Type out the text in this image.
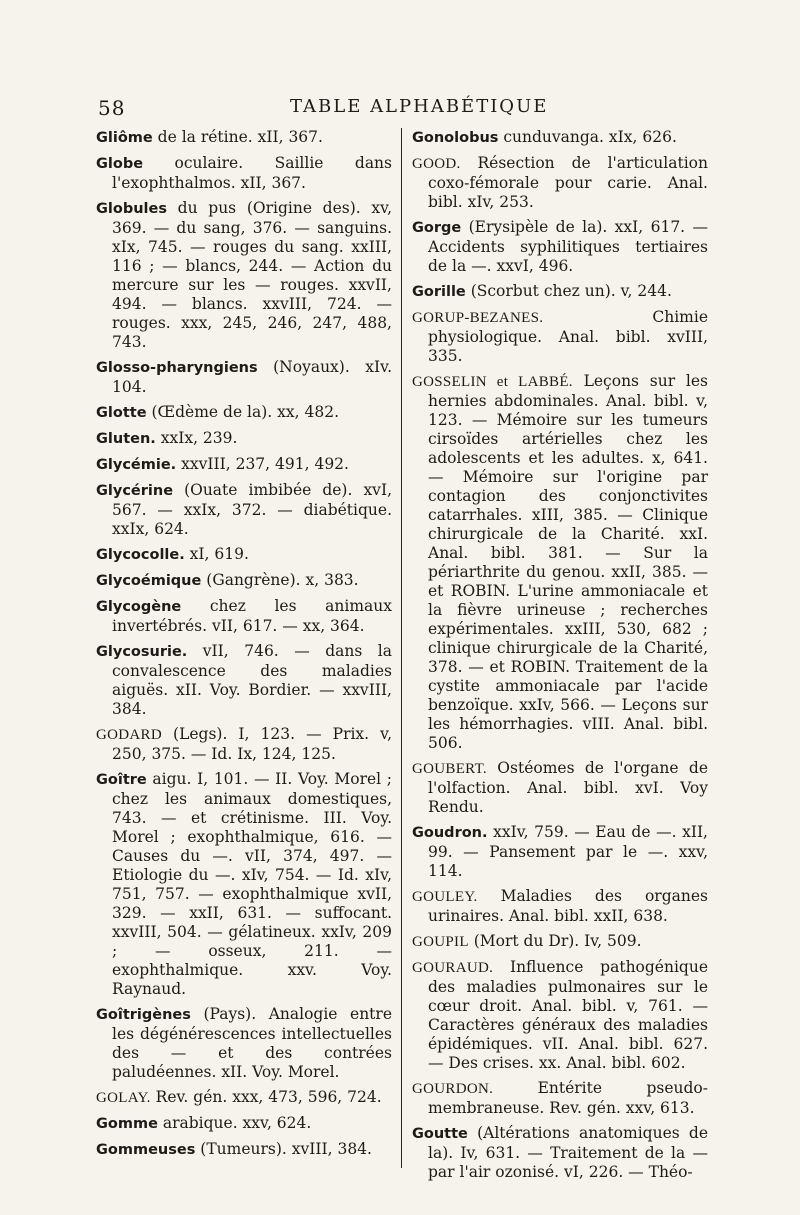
58	TABLE ALPHABÉTIQUE

Gliôme de la rétine. xII, 367.

Globe oculaire. Saillie dans l'exophthalmos. xII, 367.

Globules du pus (Origine des). xv, 369. — du sang, 376. — sanguins. xIx, 745. — rouges du sang. xxIII, 116 ; — blancs, 244. — Action du mercure sur les — rouges. xxvII, 494. — blancs. xxvIII, 724. — rouges. xxx, 245, 246, 247, 488, 743.

Glosso-pharyngiens (Noyaux). xIv. 104.

Glotte (Œdème de la). xx, 482.

Gluten. xxIx, 239.

Glycémie. xxvIII, 237, 491, 492.

Glycérine (Ouate imbibée de). xvI, 567. — xxIx, 372. — diabétique. xxIx, 624.

Glycocolle. xI, 619.

Glycoémique (Gangrène). x, 383.

Glycogène chez les animaux invertébrés. vII, 617. — xx, 364.

Glycosurie. vII, 746. — dans la convalescence des maladies aiguës. xII. Voy. Bordier. — xxvIII, 384.

GODARD (Legs). I, 123. — Prix. v, 250, 375. — Id. Ix, 124, 125.

Goître aigu. I, 101. — II. Voy. Morel ; chez les animaux domestiques, 743. — et crétinisme. III. Voy. Morel ; exophthalmique, 616. — Causes du —. vII, 374, 497. — Etiologie du —. xIv, 754. — Id. xIv, 751, 757. — exophthalmique xvII, 329. — xxII, 631. — suffocant. xxvIII, 504. — gélatineux. xxIv, 209 ; — osseux, 211. — exophthalmique. xxv. Voy. Raynaud.

Goîtrigènes (Pays). Analogie entre les dégénérescences intellectuelles des — et des contrées paludéennes. xII. Voy. Morel.

GOLAY. Rev. gén. xxx, 473, 596, 724.

Gomme arabique. xxv, 624.

Gommeuses (Tumeurs). xvIII, 384.

Gonolobus cunduvanga. xIx, 626.

GOOD. Résection de l'articulation coxo-fémorale pour carie. Anal. bibl. xIv, 253.

Gorge (Erysipèle de la). xxI, 617. — Accidents syphilitiques tertiaires de la —. xxvI, 496.

Gorille (Scorbut chez un). v, 244.

GORUP-BEZANES. Chimie physiologique. Anal. bibl. xvIII, 335.

GOSSELIN et LABBÉ. Leçons sur les hernies abdominales. Anal. bibl. v, 123. — Mémoire sur les tumeurs cirsoïdes artérielles chez les adolescents et les adultes. x, 641. — Mémoire sur l'origine par contagion des conjonctivites catarrhales. xIII, 385. — Clinique chirurgicale de la Charité. xxI. Anal. bibl. 381. — Sur la périarthrite du genou. xxII, 385. — et ROBIN. L'urine ammoniacale et la fièvre urineuse ; recherches expérimentales. xxIII, 530, 682 ; clinique chirurgicale de la Charité, 378. — et ROBIN. Traitement de la cystite ammoniacale par l'acide benzoïque. xxIv, 566. — Leçons sur les hémorrhagies. vIII. Anal. bibl. 506.

GOUBERT. Ostéomes de l'organe de l'olfaction. Anal. bibl. xvI. Voy Rendu.

Goudron. xxIv, 759. — Eau de —. xII, 99. — Pansement par le —. xxv, 114.

GOULEY. Maladies des organes urinaires. Anal. bibl. xxII, 638.

GOUPIL (Mort du Dr). Iv, 509.

GOURAUD. Influence pathogénique des maladies pulmonaires sur le cœur droit. Anal. bibl. v, 761. — Caractères généraux des maladies épidémiques. vII. Anal. bibl. 627. — Des crises. xx. Anal. bibl. 602.

GOURDON. Entérite pseudo-membraneuse. Rev. gén. xxv, 613.

Goutte (Altérations anatomiques de la). Iv, 631. — Traitement de la — par l'air ozonisé. vI, 226. — Théo-
